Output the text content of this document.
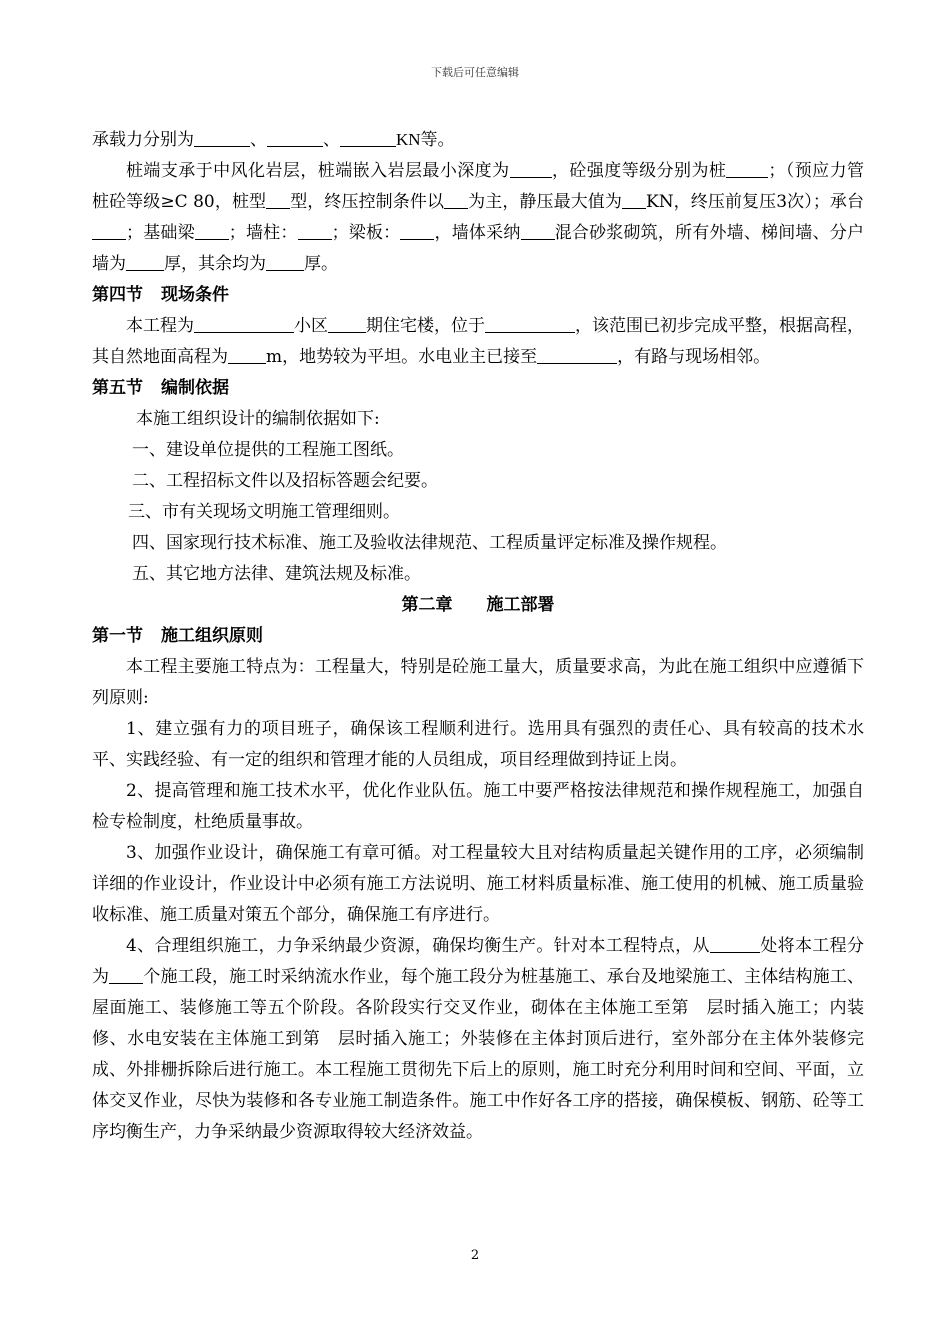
下载后可任意编辑

承载力分别为	、	、	KN等。

桩端支承于中风化岩层，桩端嵌入岩层最小深度为 ，砼强度等级分别为桩 ；（预应力管桩砼等级≥C 80，桩型 型，终压控制条件以 为主，静压最大值为 KN，终压前复压3次）；承台；基础梁 ；墙柱： ；梁板： ，墙体采纳 混合砂浆砌筑，所有外墙、梯间墙、分户墙为 厚，其余均为 厚。

第四节 现场条件

本工程为	小区 期住宅楼，位于	，该范围已初步完成平整，根据高程，其自然地面高程为 m，地势较为平坦。水电业主已接至	，有路与现场相邻。

第五节 编制依据

本施工组织设计的编制依据如下:

一、建设单位提供的工程施工图纸。

二、工程招标文件以及招标答题会纪要。

三、市有关现场文明施工管理细则。

四、国家现行技术标准、施工及验收法律规范、工程质量评定标准及操作规程。

五、其它地方法律、建筑法规及标准。

第二章 施工部署

第一节 施工组织原则

本工程主要施工特点为：工程量大，特别是砼施工量大，质量要求高，为此在施工组织中应遵循下列原则:

1、建立强有力的项目班子，确保该工程顺利进行。选用具有强烈的责任心、具有较高的技术水平、实践经验、有一定的组织和管理才能的人员组成，项目经理做到持证上岗。

2、提高管理和施工技术水平，优化作业队伍。施工中要严格按法律规范和操作规程施工，加强自检专检制度，杜绝质量事故。

3、加强作业设计，确保施工有章可循。对工程量较大且对结构质量起关键作用的工序，必须编制详细的作业设计，作业设计中必须有施工方法说明、施工材料质量标准、施工使用的机械、施工质量验收标准、施工质量对策五个部分，确保施工有序进行。

4、合理组织施工，力争采纳最少资源，确保均衡生产。针对本工程特点，从	处将本工程分为 个施工段，施工时采纳流水作业，每个施工段分为桩基施工、承台及地梁施工、主体结构施工、屋面施工、装修施工等五个阶段。各阶段实行交叉作业，砌体在主体施工至第　层时插入施工；内装修、水电安装在主体施工到第　层时插入施工；外装修在主体封顶后进行，室外部分在主体外装修完成、外排栅拆除后进行施工。本工程施工贯彻先下后上的原则，施工时充分利用时间和空间、平面，立体交叉作业，尽快为装修和各专业施工制造条件。施工中作好各工序的搭接，确保模板、钢筋、砼等工序均衡生产，力争采纳最少资源取得较大经济效益。

2
